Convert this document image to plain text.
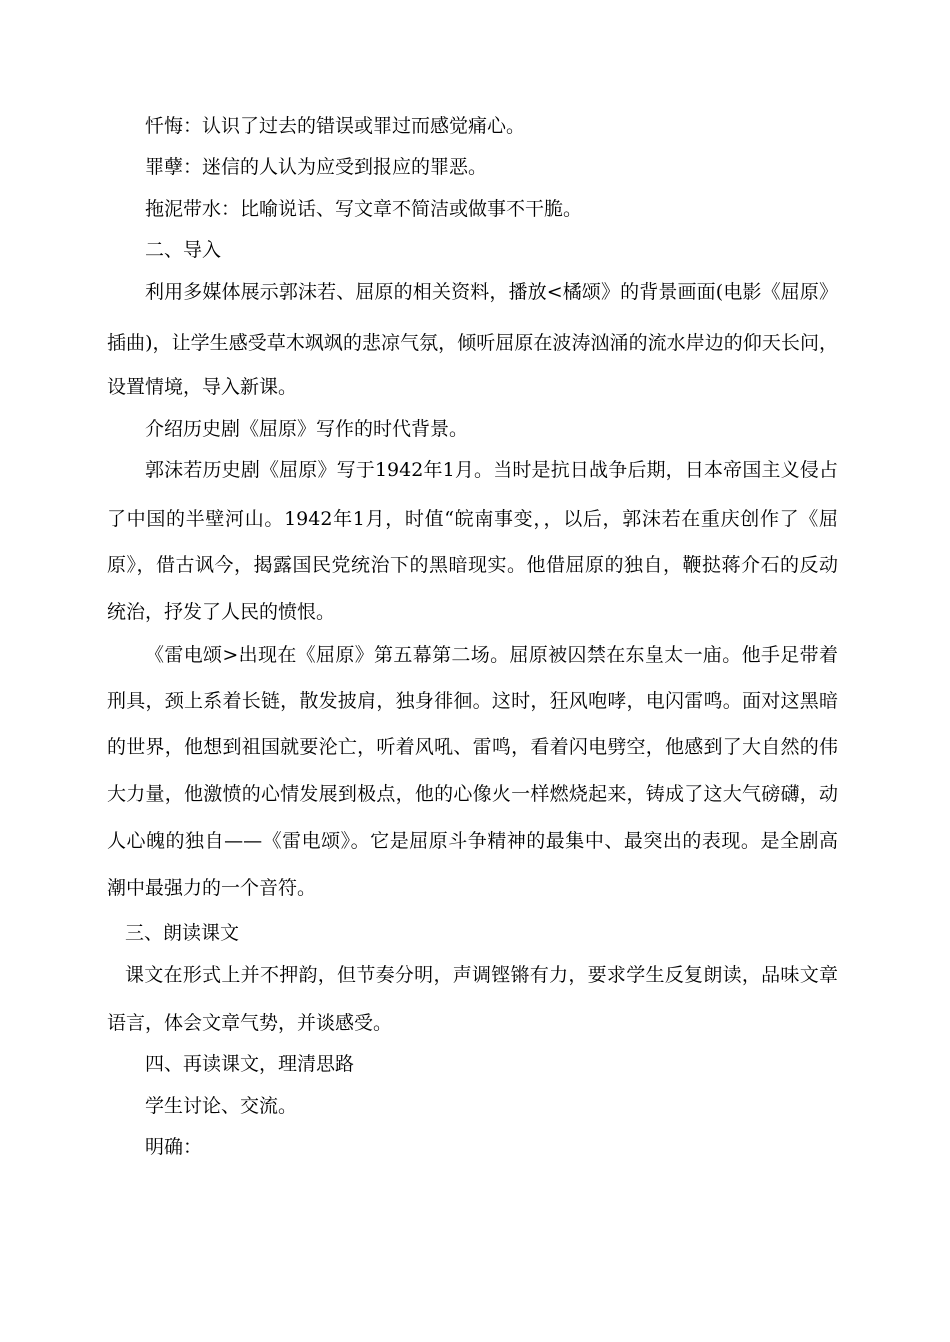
忏悔：认识了过去的错误或罪过而感觉痛心。
罪孽：迷信的人认为应受到报应的罪恶。
拖泥带水：比喻说话、写文章不简洁或做事不干脆。
二、导入
利用多媒体展示郭沫若、屈原的相关资料，播放<橘颂》的背景画面(电影《屈原》
插曲)，让学生感受草木飒飒的悲凉气氛，倾听屈原在波涛汹涌的流水岸边的仰天长问，
设置情境，导入新课。
介绍历史剧《屈原》写作的时代背景。
郭沫若历史剧《屈原》写于1942年1月。当时是抗日战争后期，日本帝国主义侵占
了中国的半壁河山。1942年1月，时值“皖南事变，，以后，郭沫若在重庆创作了《屈
原》，借古讽今，揭露国民党统治下的黑暗现实。他借屈原的独自，鞭挞蒋介石的反动
统治，抒发了人民的愤恨。
《雷电颂>出现在《屈原》第五幕第二场。屈原被囚禁在东皇太一庙。他手足带着
刑具，颈上系着长链，散发披肩，独身徘徊。这时，狂风咆哮，电闪雷鸣。面对这黑暗
的世界，他想到祖国就要沦亡，听着风吼、雷鸣，看着闪电劈空，他感到了大自然的伟
大力量，他激愤的心情发展到极点，他的心像火一样燃烧起来，铸成了这大气磅礴，动
人心魄的独自——《雷电颂》。它是屈原斗争精神的最集中、最突出的表现。是全剧高
潮中最强力的一个音符。
三、朗读课文
课文在形式上并不押韵，但节奏分明，声调铿锵有力，要求学生反复朗读，品味文章
语言，体会文章气势，并谈感受。
四、再读课文，理清思路
学生讨论、交流。
明确：
